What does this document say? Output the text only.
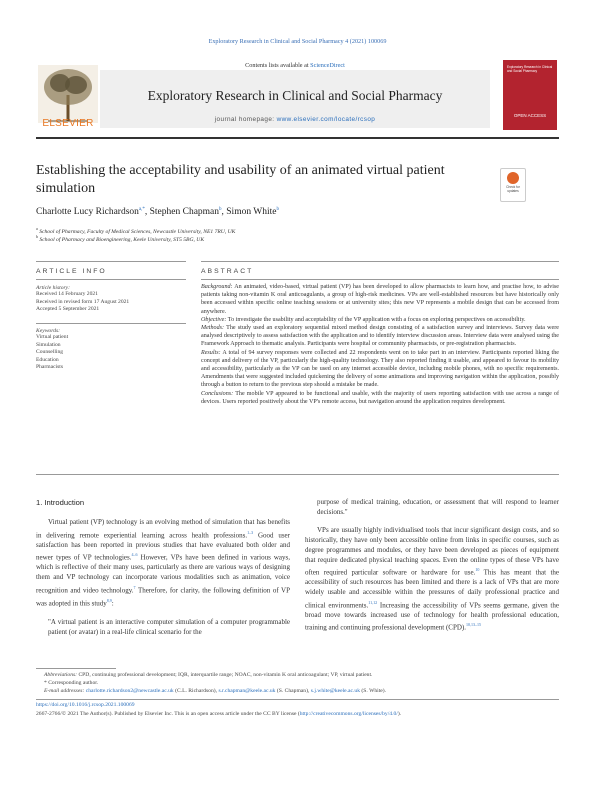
Exploratory Research in Clinical and Social Pharmacy 4 (2021) 100069
ELSEVIER
Contents lists available at ScienceDirect
Exploratory Research in Clinical and Social Pharmacy
journal homepage: www.elsevier.com/locate/rcsop
Exploratory Research in Clinical and Social Pharmacy
OPEN ACCESS
Establishing the acceptability and usability of an animated virtual patient simulation	Check for updates
Charlotte Lucy Richardson$^{a,*}$, Stephen Chapman$^b$, Simon White$^b$
$^a$ School of Pharmacy, Faculty of Medical Sciences, Newcastle University, NE1 7RU, UK
$^b$ School of Pharmacy and Bioengineering, Keele University, ST5 5BG, UK
ARTICLE INFO	ABSTRACT
Article history:
Received 14 February 2021
Received in revised form 17 August 2021
Accepted 5 September 2021
Keywords:
Virtual patient
Simulation
Counselling
Education
Pharmacists

Background: An animated, video-based, virtual patient (VP) has been developed to allow pharmacists to learn how, and practise how, to advise patients taking non-vitamin K oral anticoagulants, a group of high-risk medicines. VPs are well-established resources but have historically only been accessed within specific online teaching sessions or at university sites; this new VP represents a mobile design that can be accessed from anywhere.

Objective: To investigate the usability and acceptability of the VP application with a focus on exploring perspectives on accessibility.

Methods: The study used an exploratory sequential mixed method design consisting of a satisfaction survey and interviews. Survey data were analysed descriptively to assess satisfaction with the application and to identify interview discussion areas. Interview data were analysed using the Framework Approach to thematic analysis. Participants were hospital or community pharmacists, or pre-registration pharmacists.

Results: A total of 94 survey responses were collected and 22 respondents went on to take part in an interview. Participants reported liking the concept and delivery of the VP, particularly the high-quality technology. They also reported finding it usable, and appeared to favour its mobility and accessibility, particularly as the VP can be used on any internet accessible device, including mobile phones, with no specific requirements. Amendments that were suggested included quickening the delivery of some animations and improving navigation within the application, possibly through a button to return to the previous step should a mistake be made.

Conclusions: The mobile VP appeared to be functional and usable, with the majority of users reporting satisfaction with use across a range of devices. Users reported positively about the VP's remote access, but navigation around the application requires development.

1. Introduction

Virtual patient (VP) technology is an evolving method of simulation that has benefits in delivering remote experiential learning across health professions.$^{1-3}$ Good user satisfaction has been reported in previous studies that have evaluated both older and newer types of VP technologies.$^{4-6}$ However, VPs have been defined in various ways, which is reflective of their many uses, particularly as there are various ways of designing them and VP technology can incorporate various modalities such as animation, voice recognition and video technology.$^7$ Therefore, for clarity, the following definition of VP was adopted in this study$^{8,9}$:

"A virtual patient is an interactive computer simulation of a computer programmable patient (or avatar) in a real-life clinical scenario for the

purpose of medical training, education, or assessment that will respond to learner decisions."

VPs are usually highly individualised tools that incur significant design costs, and so historically, they have only been accessible online from links in specific courses, such as degree programmes and modules, or they have been developed as pieces of equipment that require dedicated physical teaching spaces. Even the online types of these VPs have often required particular software or hardware for use.$^{10}$ This has meant that the accessibility of such resources has been limited and there is a lack of VPs that are more widely usable and accessible within the pressures of daily professional practice and clinical environments.$^{11,12}$ Increasing the accessibility of VPs seems germane, given the broad move towards increased use of technology for health professional education, training and continuing professional development (CPD).$^{10,13-15}$

Abbreviations: CPD, continuing professional development; IQR, interquartile range; NOAC, non-vitamin K oral anticoagulant; VP, virtual patient.
* Corresponding author.
E-mail addresses: charlotte.richardson2@newcastle.ac.uk (C.L. Richardson), s.r.chapman@keele.ac.uk (S. Chapman), s.j.white@keele.ac.uk (S. White).
https://doi.org/10.1016/j.rcsop.2021.100069
2667-2766/© 2021 The Author(s). Published by Elsevier Inc. This is an open access article under the CC BY license (http://creativecommons.org/licenses/by/4.0/).
